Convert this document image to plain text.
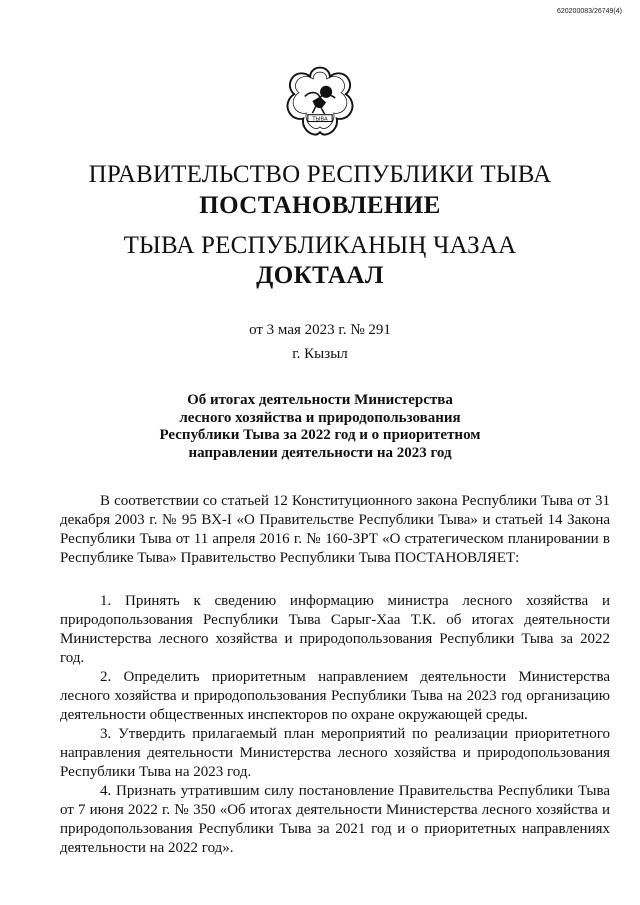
620200083/26749(4)
ТЫВА
ПРАВИТЕЛЬСТВО РЕСПУБЛИКИ ТЫВА
ПОСТАНОВЛЕНИЕ
ТЫВА РЕСПУБЛИКАНЫҢ ЧАЗАА
ДОКТААЛ
от 3 мая 2023 г. № 291
г. Кызыл
Об итогах деятельности Министерства
лесного хозяйства и природопользования
Республики Тыва за 2022 год и о приоритетном
направлении деятельности на 2023 год

В соответствии со статьей 12 Конституционного закона Республики Тыва от 31 декабря 2003 г. № 95 ВХ-I «О Правительстве Республики Тыва» и статьей 14 Закона Республики Тыва от 11 апреля 2016 г. № 160-ЗРТ «О стратегическом планировании в Республике Тыва» Правительство Республики Тыва ПОСТАНОВЛЯЕТ:

1. Принять к сведению информацию министра лесного хозяйства и природопользования Республики Тыва Сарыг-Хаа Т.К. об итогах деятельности Министерства лесного хозяйства и природопользования Республики Тыва за 2022 год.

2. Определить приоритетным направлением деятельности Министерства лесного хозяйства и природопользования Республики Тыва на 2023 год организацию деятельности общественных инспекторов по охране окружающей среды.

3. Утвердить прилагаемый план мероприятий по реализации приоритетного направления деятельности Министерства лесного хозяйства и природопользования Республики Тыва на 2023 год.

4. Признать утратившим силу постановление Правительства Республики Тыва от 7 июня 2022 г. № 350 «Об итогах деятельности Министерства лесного хозяйства и природопользования Республики Тыва за 2021 год и о приоритетных направлениях деятельности на 2022 год».
